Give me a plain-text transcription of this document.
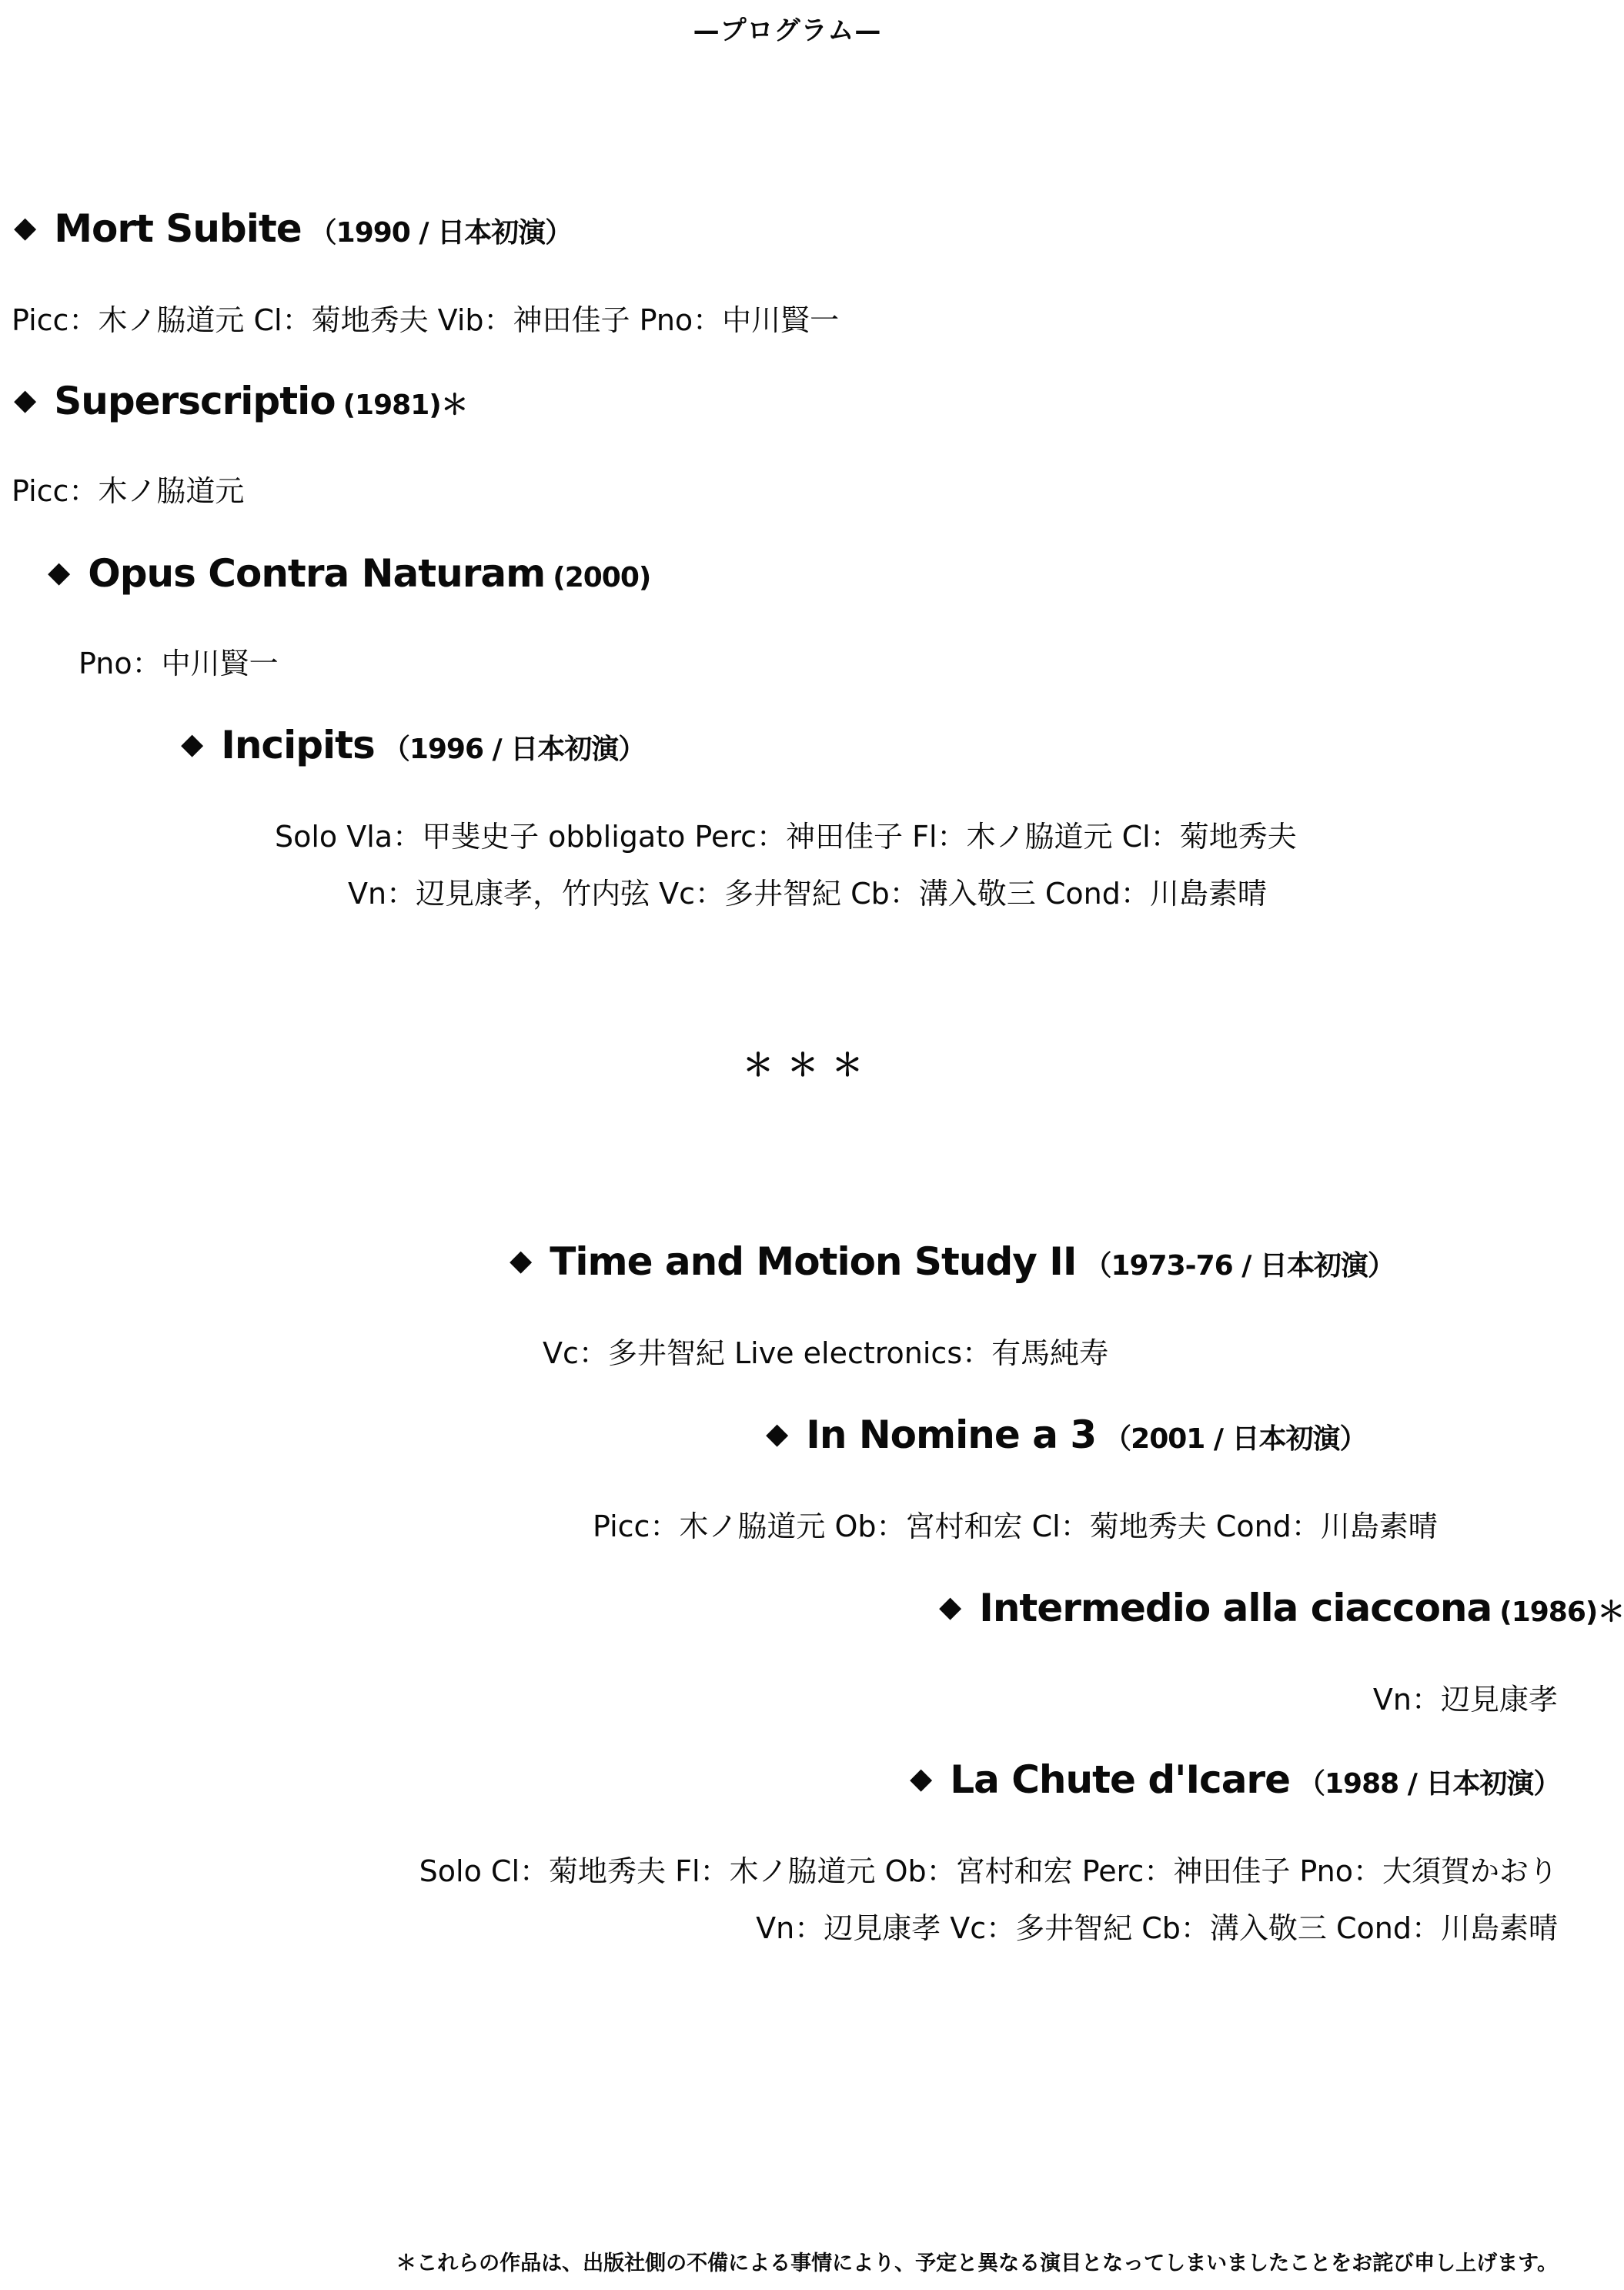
—プログラム—
◆ Mort Subite （1990 / 日本初演）
Picc：木ノ脇道元 Cl：菊地秀夫 Vib：神田佳子 Pno：中川賢一
◆ Superscriptio (1981)＊
Picc：木ノ脇道元
◆ Opus Contra Naturam (2000)
Pno：中川賢一
◆ Incipits （1996 / 日本初演）
Solo Vla：甲斐史子 obbligato Perc：神田佳子 Fl：木ノ脇道元 Cl：菊地秀夫
Vn：辺見康孝，竹内弦 Vc：多井智紀 Cb：溝入敬三 Cond：川島素晴
＊＊＊
◆ Time and Motion Study II （1973-76 / 日本初演）
Vc：多井智紀 Live electronics：有馬純寿
◆ In Nomine a 3 （2001 / 日本初演）
Picc：木ノ脇道元 Ob：宮村和宏 Cl：菊地秀夫 Cond：川島素晴
◆ Intermedio alla ciaccona (1986)＊
Vn：辺見康孝
◆ La Chute d'Icare （1988 / 日本初演）
Solo Cl：菊地秀夫 Fl：木ノ脇道元 Ob：宮村和宏 Perc：神田佳子 Pno：大須賀かおり
Vn：辺見康孝 Vc：多井智紀 Cb：溝入敬三 Cond：川島素晴
＊これらの作品は、出版社側の不備による事情により、予定と異なる演目となってしまいましたことをお詫び申し上げます。
